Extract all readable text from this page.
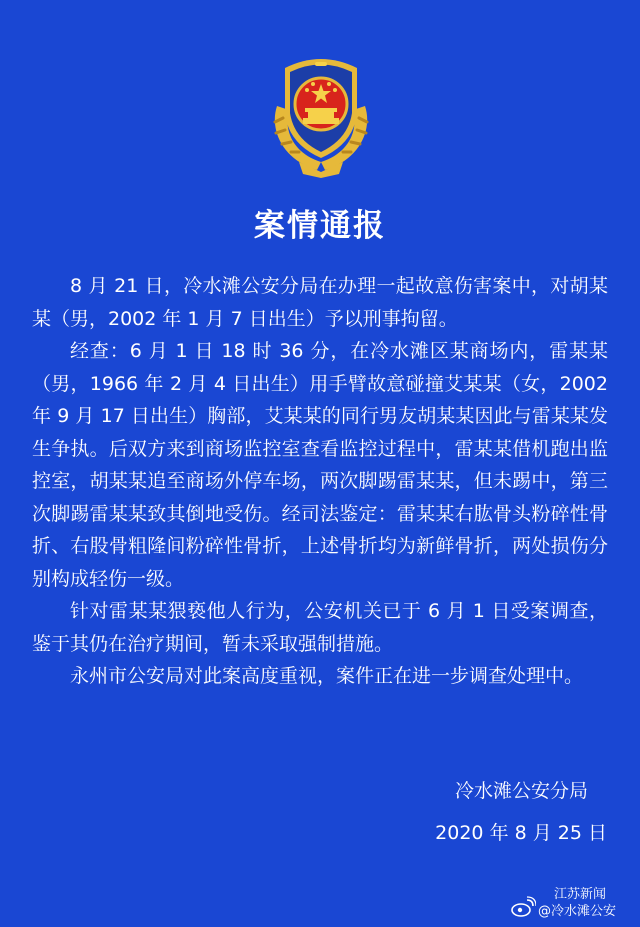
案情通报

8 月 21 日，冷水滩公安分局在办理一起故意伤害案中，对胡某某（男，2002 年 1 月 7 日出生）予以刑事拘留。

经查：6 月 1 日 18 时 36 分，在冷水滩区某商场内，雷某某（男，1966 年 2 月 4 日出生）用手臂故意碰撞艾某某（女，2002 年 9 月 17 日出生）胸部，艾某某的同行男友胡某某因此与雷某某发生争执。后双方来到商场监控室查看监控过程中，雷某某借机跑出监控室，胡某某追至商场外停车场，两次脚踢雷某某，但未踢中，第三次脚踢雷某某致其倒地受伤。经司法鉴定：雷某某右肱骨头粉碎性骨折、右股骨粗隆间粉碎性骨折，上述骨折均为新鲜骨折，两处损伤分别构成轻伤一级。

针对雷某某猥亵他人行为，公安机关已于 6 月 1 日受案调查，鉴于其仍在治疗期间，暂未采取强制措施。

永州市公安局对此案高度重视，案件正在进一步调查处理中。

冷水滩公安分局
2020 年 8 月 25 日
江苏新闻
@冷水滩公安
